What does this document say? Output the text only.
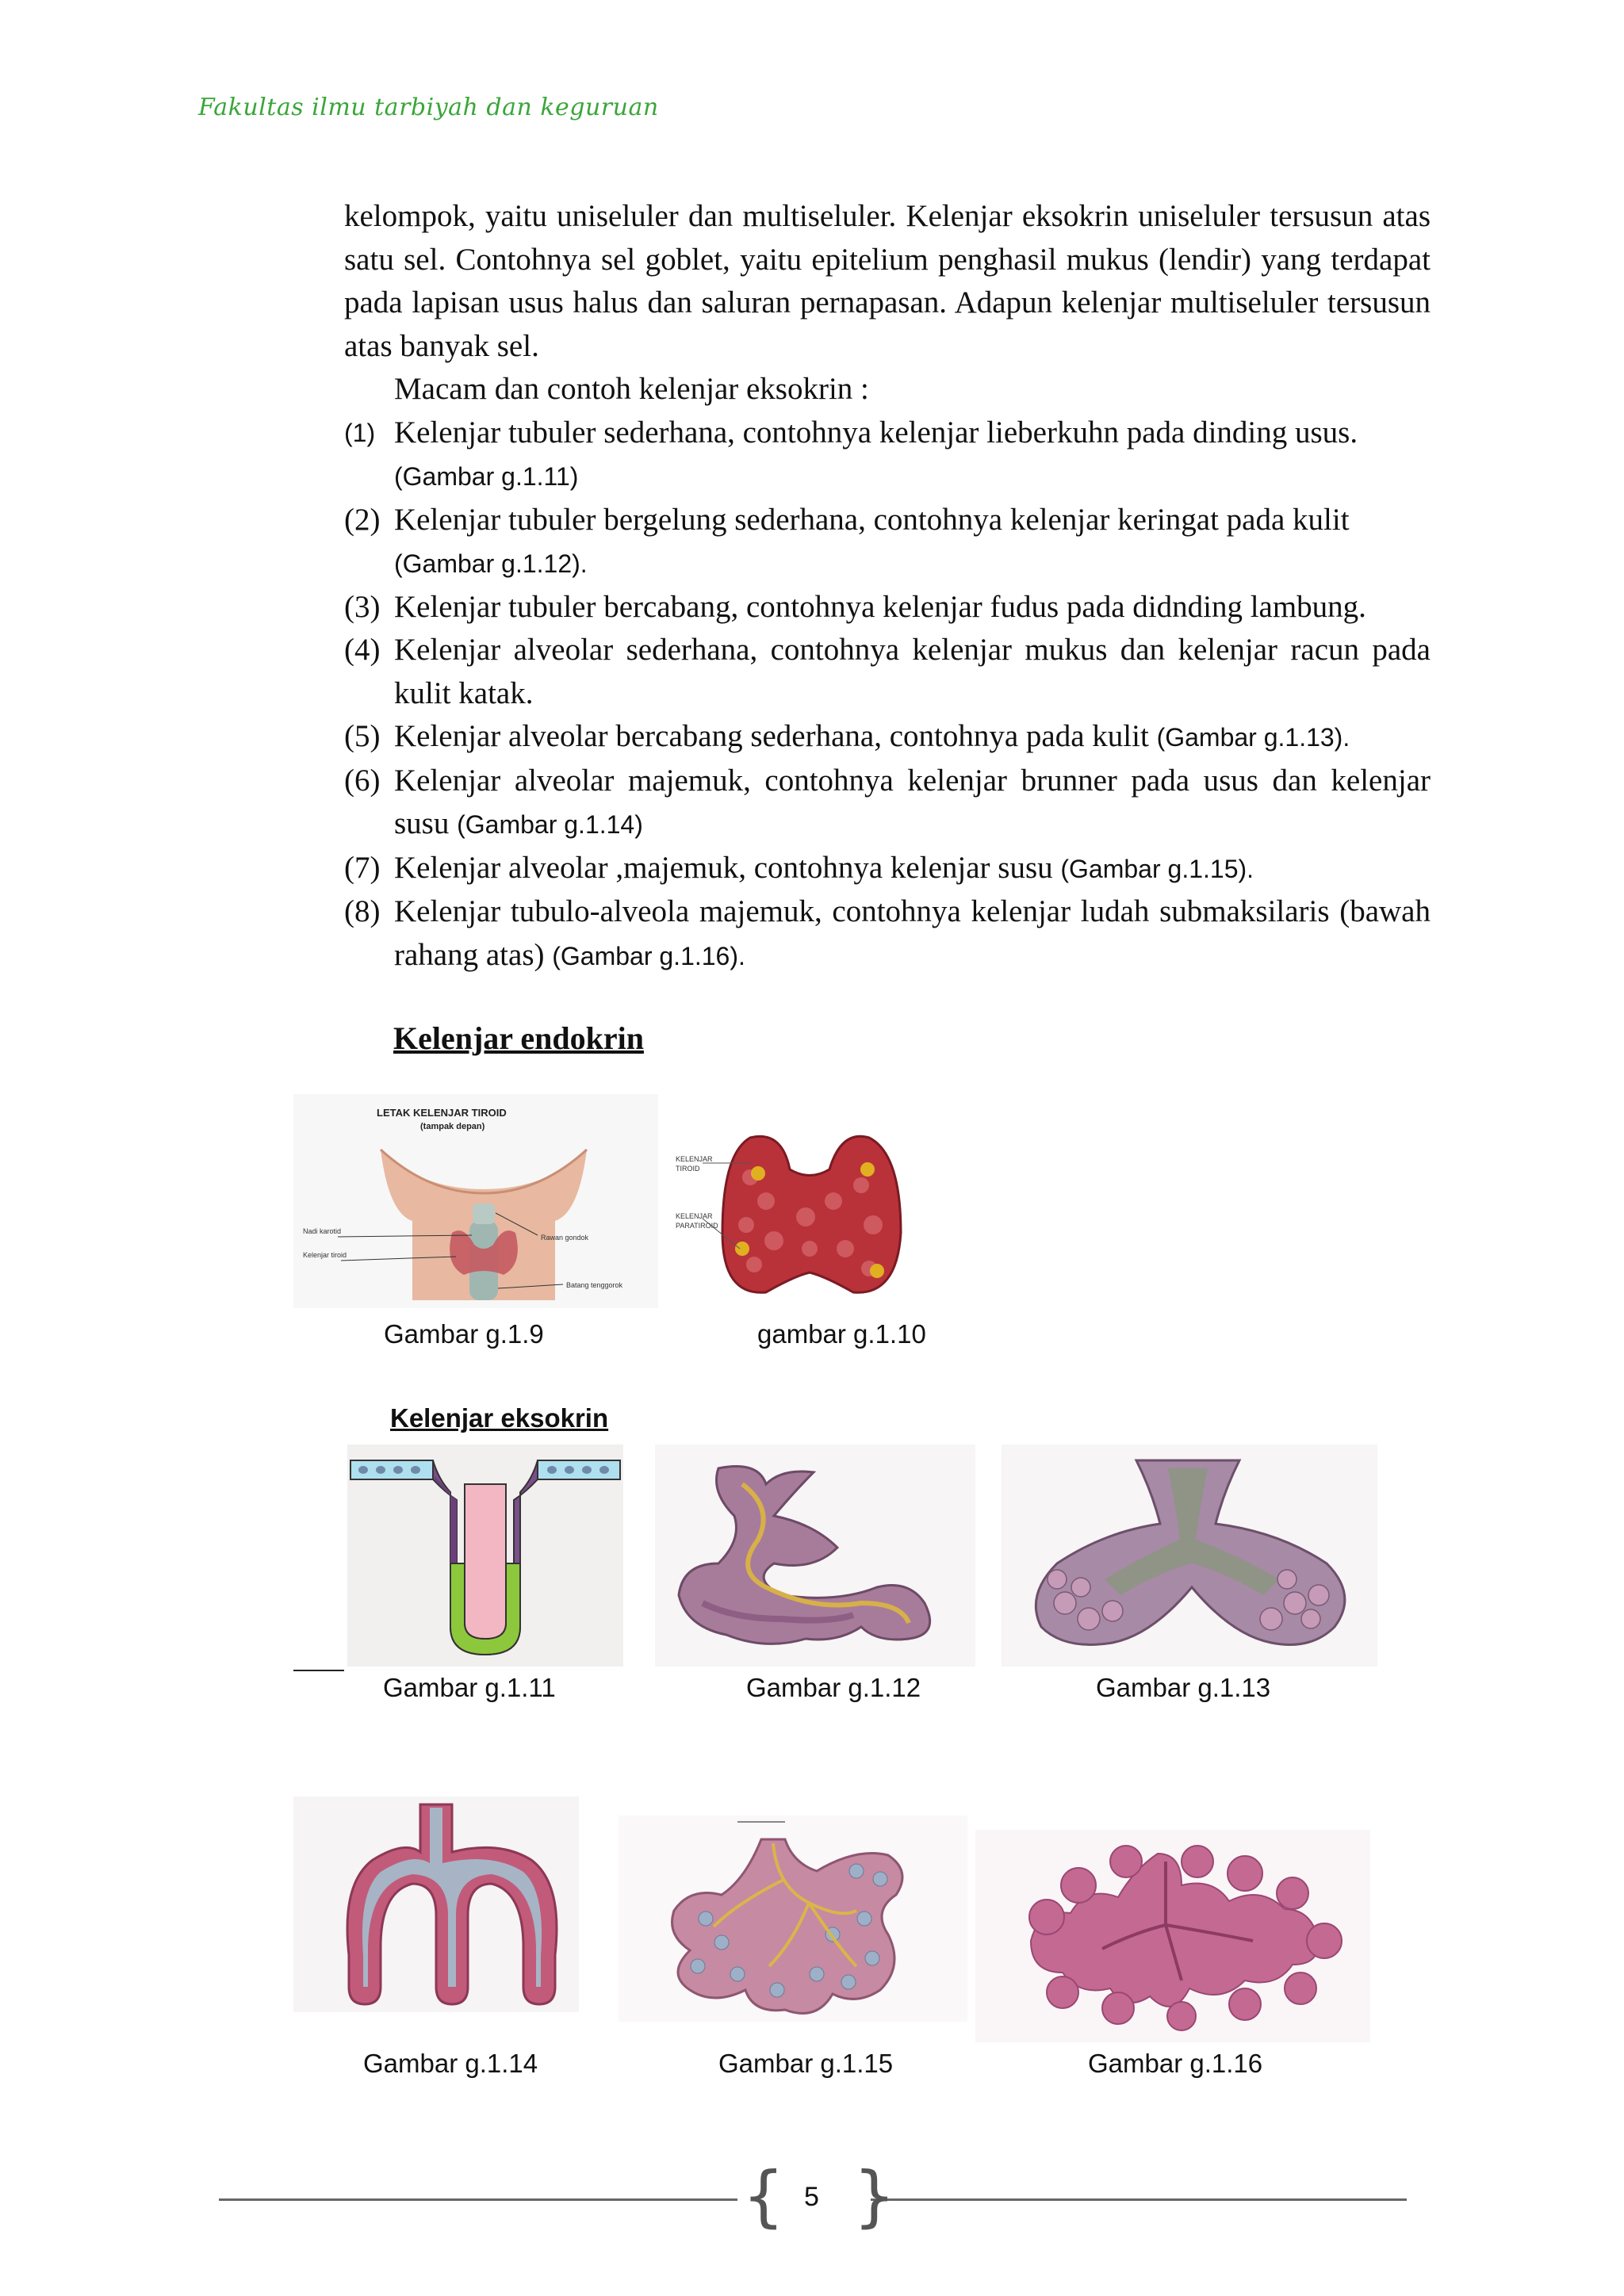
Fakultas ilmu tarbiyah dan keguruan

kelompok, yaitu uniseluler dan multiseluler. Kelenjar eksokrin uniseluler tersusun atas satu sel. Contohnya sel goblet, yaitu epitelium penghasil mukus (lendir) yang terdapat pada lapisan usus halus dan saluran pernapasan. Adapun kelenjar multiseluler tersusun atas banyak sel.

Macam dan contoh kelenjar eksokrin :

(1) Kelenjar tubuler sederhana, contohnya kelenjar lieberkuhn pada dinding usus.
(Gambar g.1.11)
(2) Kelenjar tubuler bergelung sederhana, contohnya kelenjar keringat pada kulit
(Gambar g.1.12).
(3) Kelenjar tubuler bercabang, contohnya kelenjar fudus pada didnding lambung.
(4) Kelenjar alveolar sederhana, contohnya kelenjar mukus dan kelenjar racun pada kulit katak.
(5) Kelenjar alveolar bercabang sederhana, contohnya pada kulit (Gambar g.1.13).
(6) Kelenjar alveolar majemuk, contohnya kelenjar brunner pada usus dan kelenjar susu (Gambar g.1.14)
(7) Kelenjar alveolar ,majemuk, contohnya kelenjar susu (Gambar g.1.15).
(8) Kelenjar tubulo-alveola majemuk, contohnya kelenjar ludah submaksilaris (bawah rahang atas) (Gambar g.1.16).
Kelenjar endokrin
LETAK KELENJAR TIROID
(tampak depan)
Nadi karotid
Kelenjar tiroid
Rawan gondok
Batang tenggorok
Gambar g.1.9
KELENJAR
TIROID
KELENJAR
PARATIROID
gambar g.1.10
Kelenjar eksokrin
Gambar g.1.11	Gambar g.1.12	Gambar g.1.13
Gambar g.1.14	Gambar g.1.15	Gambar g.1.16
{ }
5
